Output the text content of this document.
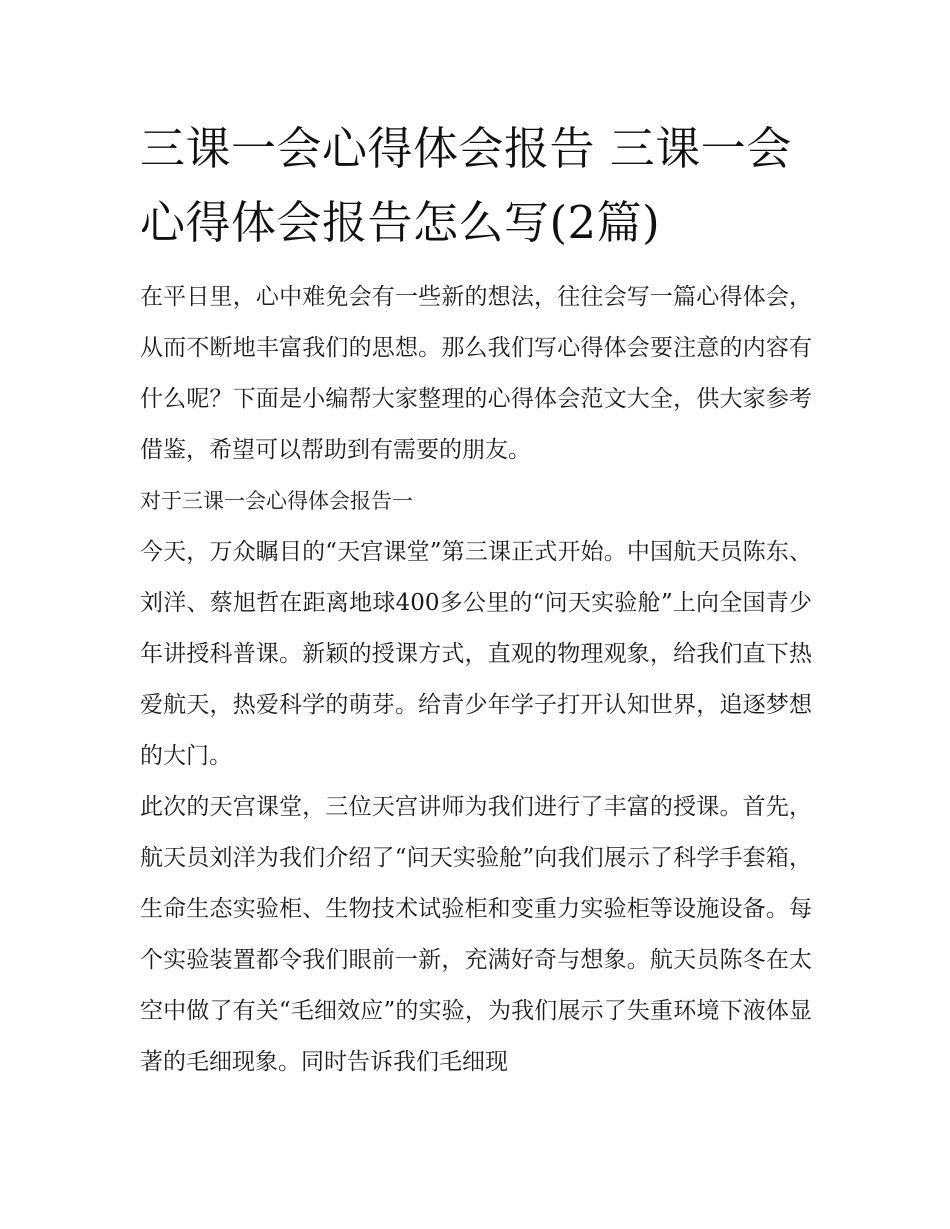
三课一会心得体会报告 三课一会心得体会报告怎么写(2篇)

在平日里，心中难免会有一些新的想法，往往会写一篇心得体会，从而不断地丰富我们的思想。那么我们写心得体会要注意的内容有什么呢？下面是小编帮大家整理的心得体会范文大全，供大家参考借鉴，希望可以帮助到有需要的朋友。

对于三课一会心得体会报告一

今天，万众瞩目的“天宫课堂”第三课正式开始。中国航天员陈东、刘洋、蔡旭哲在距离地球400多公里的“问天实验舱”上向全国青少年讲授科普课。新颖的授课方式，直观的物理观象，给我们直下热爱航天，热爱科学的萌芽。给青少年学子打开认知世界，追逐梦想的大门。

此次的天宫课堂，三位天宫讲师为我们进行了丰富的授课。首先，航天员刘洋为我们介绍了“问天实验舱”向我们展示了科学手套箱，生命生态实验柜、生物技术试验柜和变重力实验柜等设施设备。每个实验装置都令我们眼前一新，充满好奇与想象。航天员陈冬在太空中做了有关“毛细效应”的实验，为我们展示了失重环境下液体显著的毛细现象。同时告诉我们毛细现
